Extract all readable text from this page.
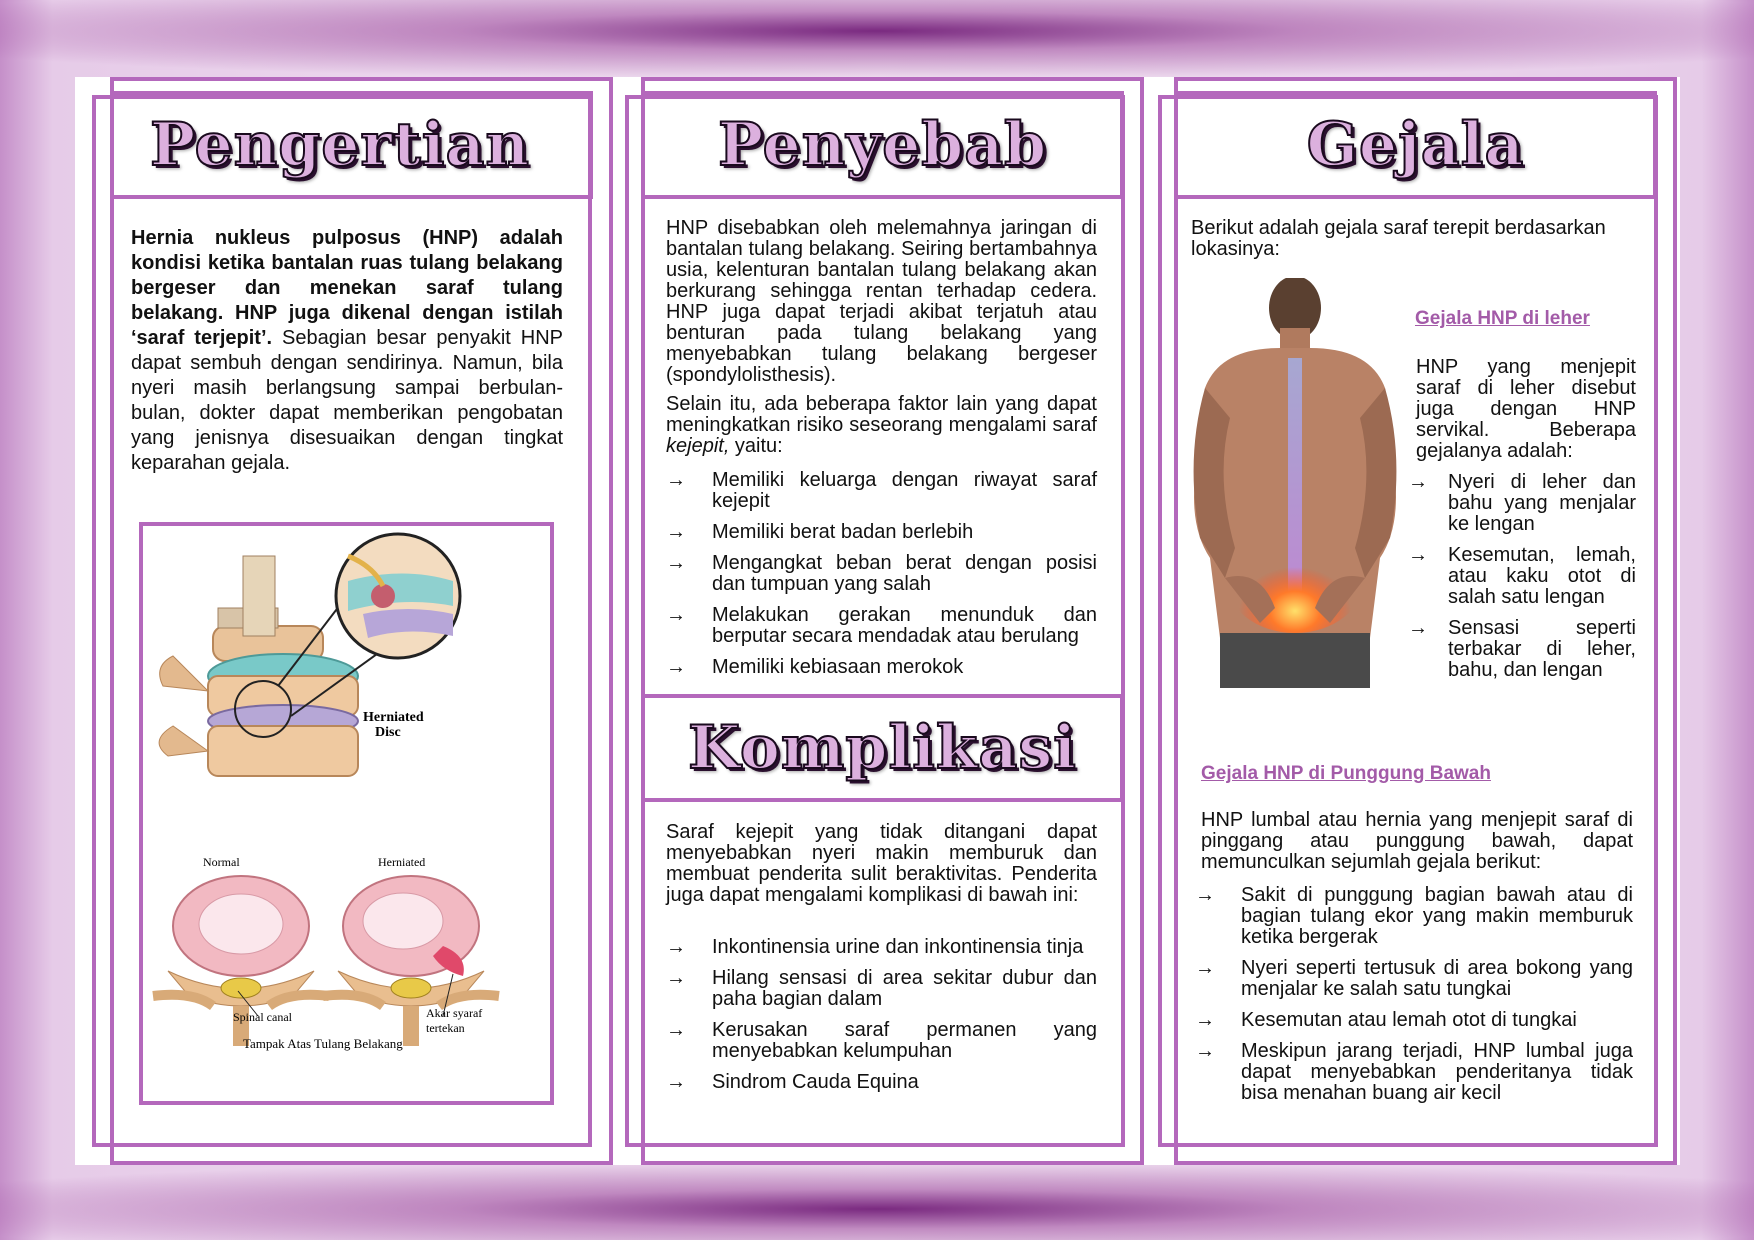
Pengertian
Hernia nukleus pulposus (HNP) adalah kondisi ketika bantalan ruas tulang belakang bergeser dan menekan saraf tulang belakang. HNP juga dikenal dengan istilah ‘saraf terjepit’. Sebagian besar penyakit HNP dapat sembuh dengan sendirinya. Namun, bila nyeri masih berlangsung sampai berbulan-bulan, dokter dapat memberikan pengobatan yang jenisnya disesuaikan dengan tingkat keparahan gejala.
Herniated
Disc
Normal	Herniated
Spinal canal	Akar syaraf
tertekan
Tampak Atas Tulang Belakang
Penyebab

HNP disebabkan oleh melemahnya jaringan di bantalan tulang belakang. Seiring bertambahnya usia, kelenturan bantalan tulang belakang akan berkurang sehingga rentan terhadap cedera. HNP juga dapat terjadi akibat terjatuh atau benturan pada tulang belakang yang menyebabkan tulang belakang bergeser (spondylolisthesis).

Selain itu, ada beberapa faktor lain yang dapat meningkatkan risiko seseorang mengalami saraf kejepit, yaitu:

→ Memiliki keluarga dengan riwayat saraf kejepit
→ Memiliki berat badan berlebih
→ Mengangkat beban berat dengan posisi dan tumpuan yang salah
→ Melakukan gerakan menunduk dan berputar secara mendadak atau berulang
→ Memiliki kebiasaan merokok
Komplikasi
Saraf kejepit yang tidak ditangani dapat menyebabkan nyeri makin memburuk dan membuat penderita sulit beraktivitas. Penderita juga dapat mengalami komplikasi di bawah ini:
→ Inkontinensia urine dan inkontinensia tinja
→ Hilang sensasi di area sekitar dubur dan paha bagian dalam
→ Kerusakan saraf permanen yang menyebabkan kelumpuhan
→ Sindrom Cauda Equina
Gejala
Berikut adalah gejala saraf terepit berdasarkan lokasinya:
Gejala HNP di leher
HNP yang menjepit saraf di leher disebut juga dengan HNP servikal. Beberapa gejalanya adalah:
→ Nyeri di leher dan bahu yang menjalar ke lengan
→ Kesemutan, lemah, atau kaku otot di salah satu lengan
→ Sensasi seperti terbakar di leher, bahu, dan lengan
Gejala HNP di Punggung Bawah
HNP lumbal atau hernia yang menjepit saraf di pinggang atau punggung bawah, dapat memunculkan sejumlah gejala berikut:
→ Sakit di punggung bagian bawah atau di bagian tulang ekor yang makin memburuk ketika bergerak
→ Nyeri seperti tertusuk di area bokong yang menjalar ke salah satu tungkai
→ Kesemutan atau lemah otot di tungkai
→ Meskipun jarang terjadi, HNP lumbal juga dapat menyebabkan penderitanya tidak bisa menahan buang air kecil
